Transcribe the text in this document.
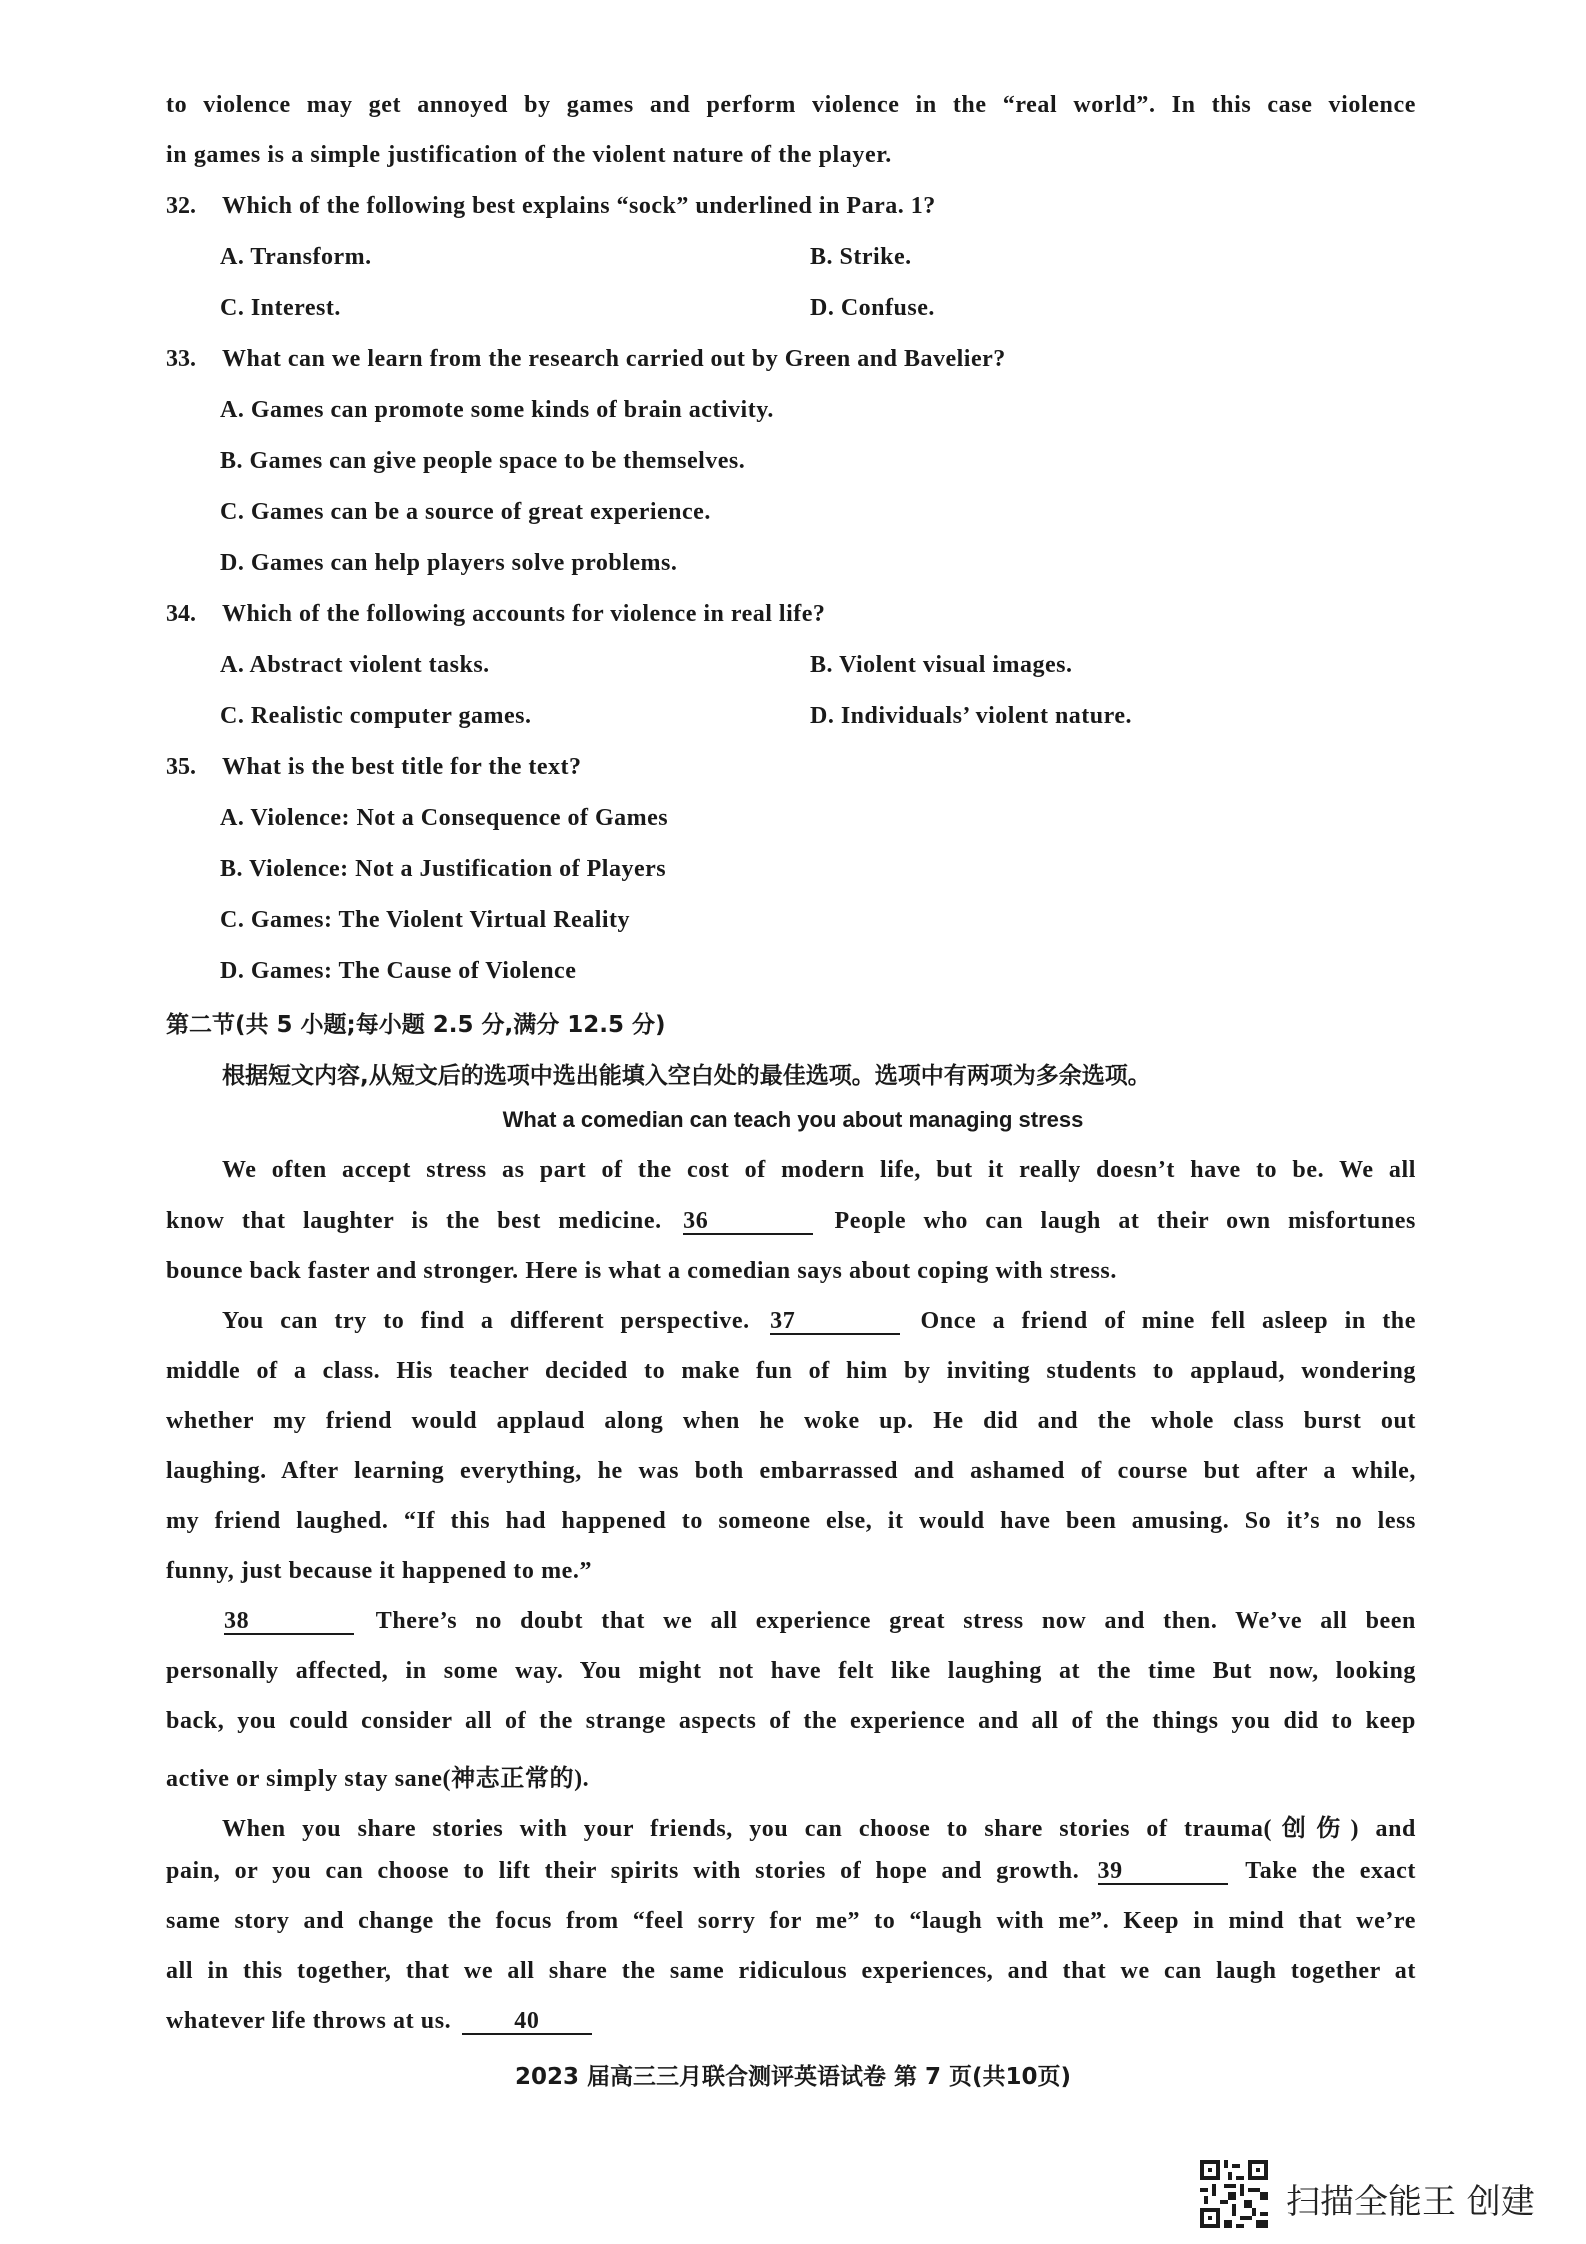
to violence may get annoyed by games and perform violence in the “real world”. In this case violence
in games is a simple justification of the violent nature of the player.
32. Which of the following best explains “sock” underlined in Para. 1?
A. Transform.	B. Strike.
C. Interest.	D. Confuse.
33. What can we learn from the research carried out by Green and Bavelier?
A. Games can promote some kinds of brain activity.
B. Games can give people space to be themselves.
C. Games can be a source of great experience.
D. Games can help players solve problems.
34. Which of the following accounts for violence in real life?
A. Abstract violent tasks.	B. Violent visual images.
C. Realistic computer games.	D. Individuals’ violent nature.
35. What is the best title for the text?
A. Violence: Not a Consequence of Games
B. Violence: Not a Justification of Players
C. Games: The Violent Virtual Reality
D. Games: The Cause of Violence
第二节(共 5 小题;每小题 2.5 分,满分 12.5 分)
根据短文内容,从短文后的选项中选出能填入空白处的最佳选项。选项中有两项为多余选项。
What a comedian can teach you about managing stress
We often accept stress as part of the cost of modern life, but it really doesn’t have to be. We all
know that laughter is the best medicine. 36	People who can laugh at their own misfortunes
bounce back faster and stronger. Here is what a comedian says about coping with stress.
You can try to find a different perspective. 37	Once a friend of mine fell asleep in the
middle of a class. His teacher decided to make fun of him by inviting students to applaud, wondering
whether my friend would applaud along when he woke up. He did and the whole class burst out
laughing. After learning everything, he was both embarrassed and ashamed of course but after a while,
my friend laughed. “If this had happened to someone else, it would have been amusing. So it’s no less
funny, just because it happened to me.”
38	There’s no doubt that we all experience great stress now and then. We’ve all been
personally affected, in some way. You might not have felt like laughing at the time But now, looking
back, you could consider all of the strange aspects of the experience and all of the things you did to keep
active or simply stay sane(神志正常的).
When you share stories with your friends, you can choose to share stories of trauma(创伤) and
pain, or you can choose to lift their spirits with stories of hope and growth. 39	Take the exact
same story and change the focus from “feel sorry for me” to “laugh with me”. Keep in mind that we’re
all in this together, that we all share the same ridiculous experiences, and that we can laugh together at
whatever life throws at us.	40
2023 届高三三月联合测评英语试卷 第 7 页(共10页)
扫描全能王 创建
